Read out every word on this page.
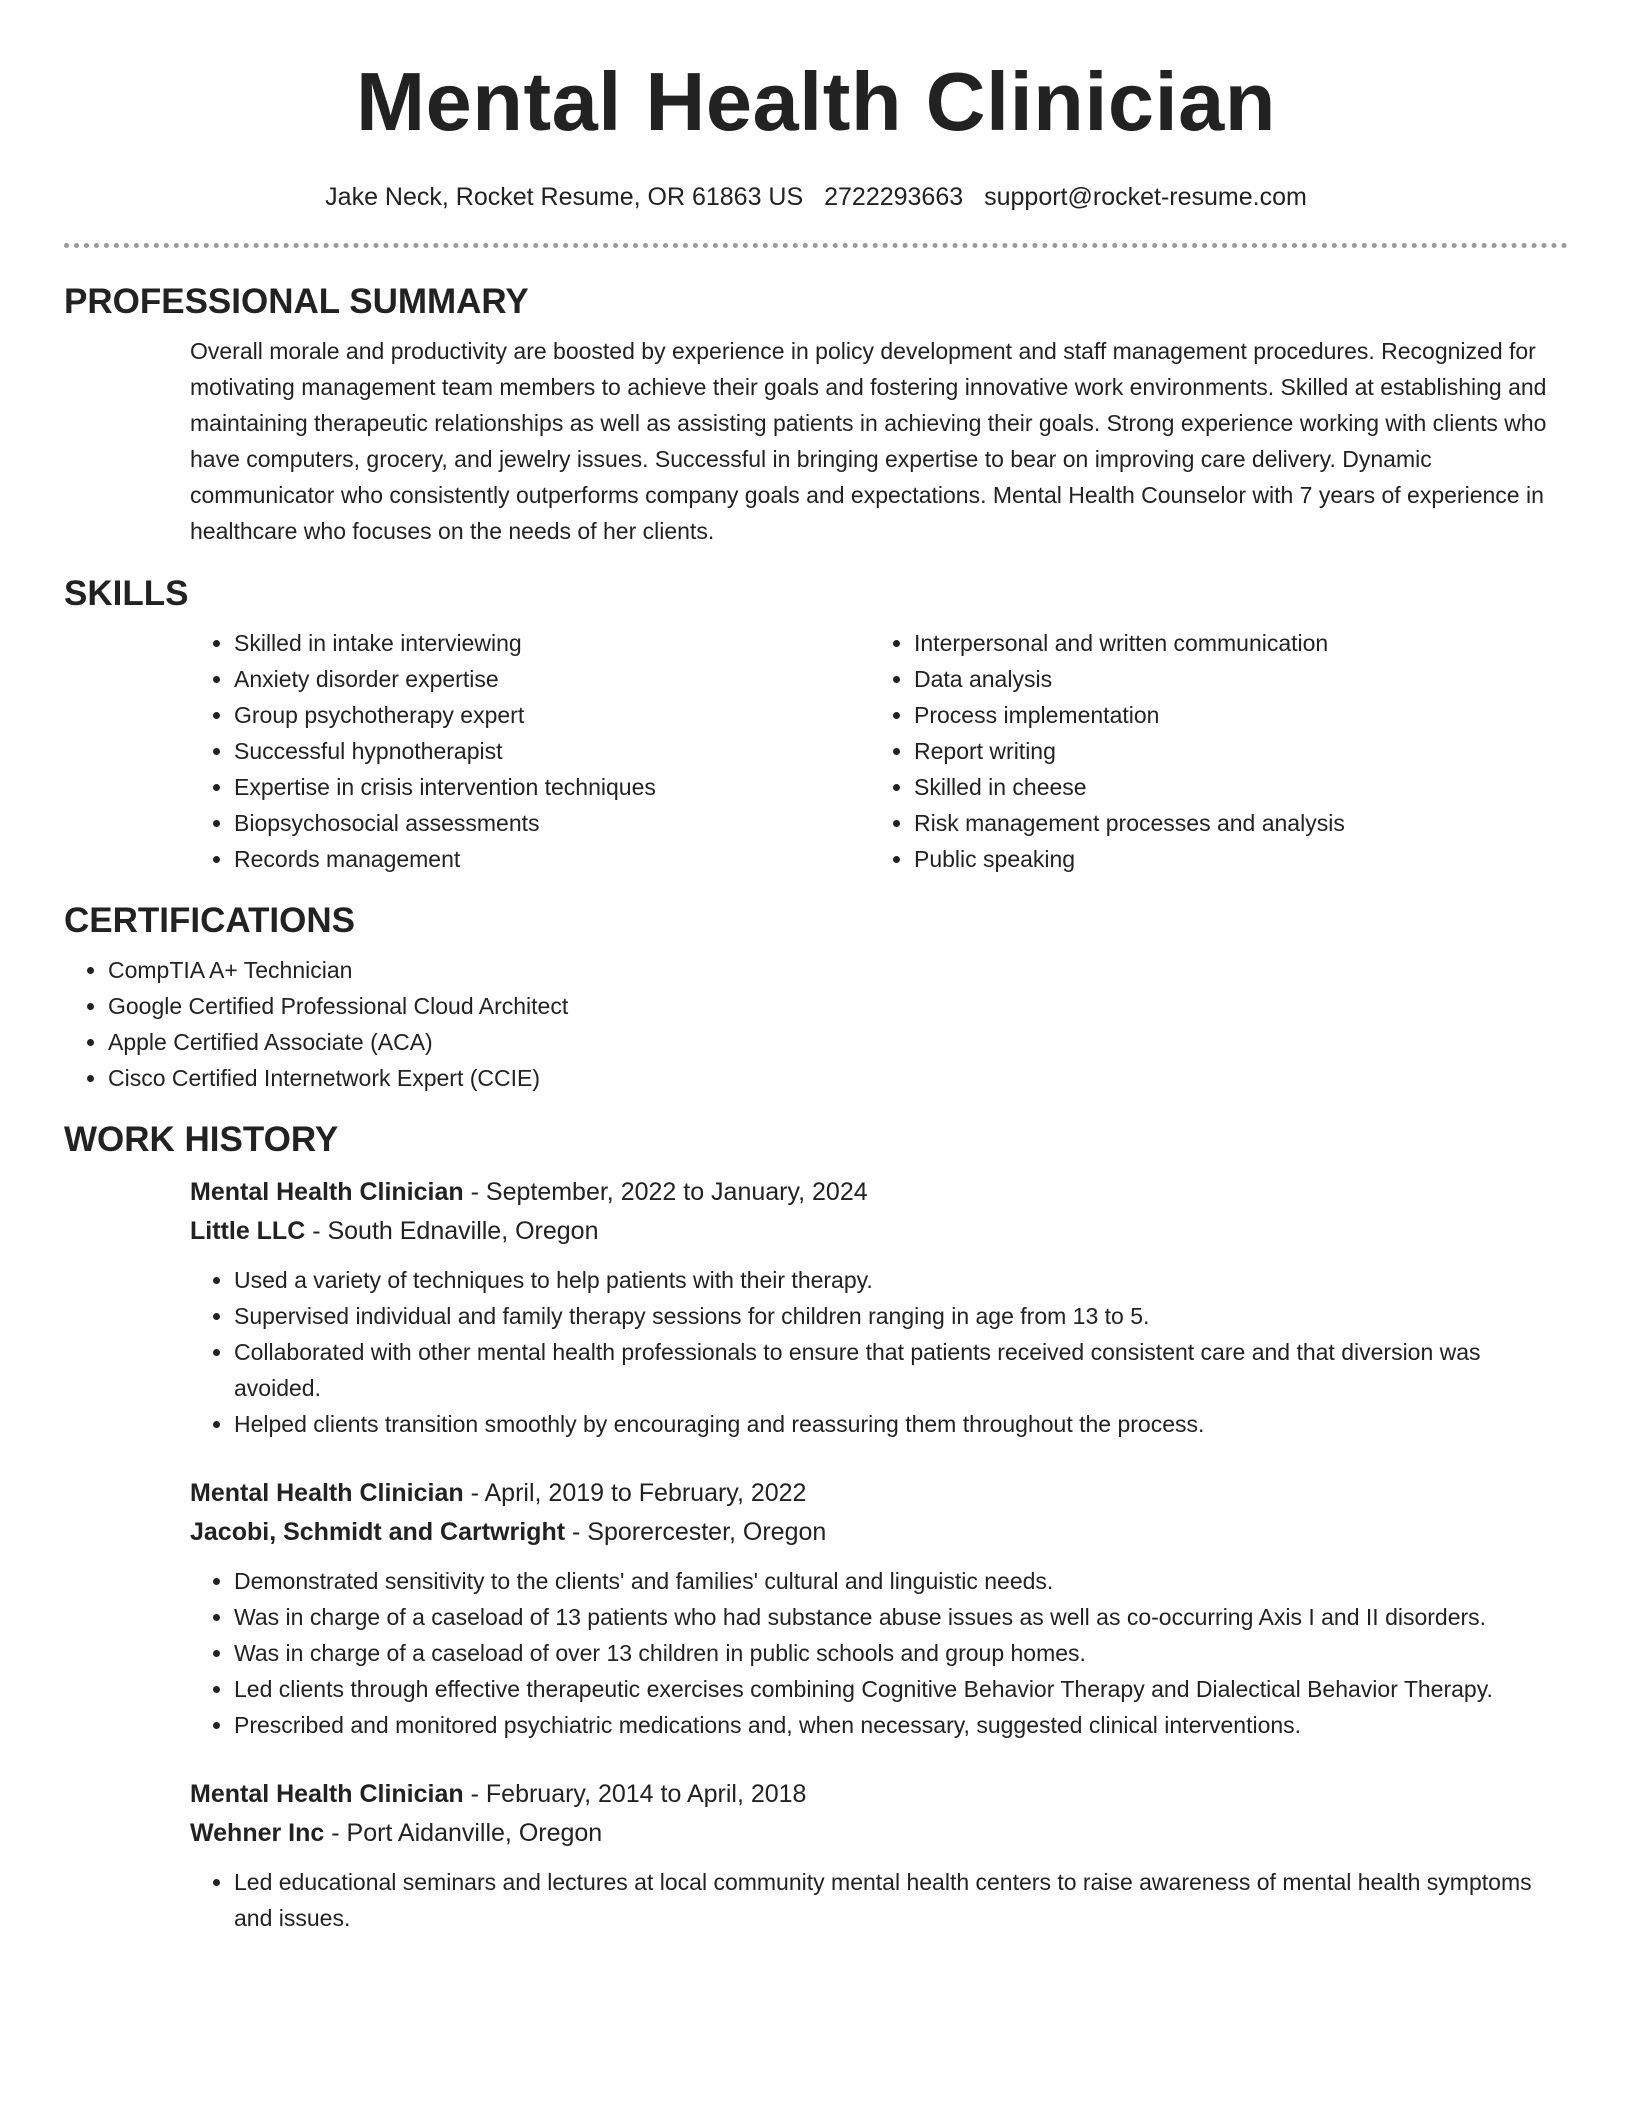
Mental Health Clinician
Jake Neck, Rocket Resume, OR 61863 US 2722293663 support@rocket-resume.com
PROFESSIONAL SUMMARY

Overall morale and productivity are boosted by experience in policy development and staff management procedures. Recognized for motivating management team members to achieve their goals and fostering innovative work environments. Skilled at establishing and maintaining therapeutic relationships as well as assisting patients in achieving their goals. Strong experience working with clients who have computers, grocery, and jewelry issues. Successful in bringing expertise to bear on improving care delivery. Dynamic communicator who consistently outperforms company goals and expectations. Mental Health Counselor with 7 years of experience in healthcare who focuses on the needs of her clients.

SKILLS
• Skilled in intake interviewing
• Anxiety disorder expertise
• Group psychotherapy expert
• Successful hypnotherapist
• Expertise in crisis intervention techniques
• Biopsychosocial assessments
• Records management
• Interpersonal and written communication
• Data analysis
• Process implementation
• Report writing
• Skilled in cheese
• Risk management processes and analysis
• Public speaking
CERTIFICATIONS
• CompTIA A+ Technician
• Google Certified Professional Cloud Architect
• Apple Certified Associate (ACA)
• Cisco Certified Internetwork Expert (CCIE)
WORK HISTORY
Mental Health Clinician - September, 2022 to January, 2024
Little LLC - South Ednaville, Oregon
• Used a variety of techniques to help patients with their therapy.
• Supervised individual and family therapy sessions for children ranging in age from 13 to 5.
• Collaborated with other mental health professionals to ensure that patients received consistent care and that diversion was avoided.
• Helped clients transition smoothly by encouraging and reassuring them throughout the process.
Mental Health Clinician - April, 2019 to February, 2022
Jacobi, Schmidt and Cartwright - Sporercester, Oregon
• Demonstrated sensitivity to the clients' and families' cultural and linguistic needs.
• Was in charge of a caseload of 13 patients who had substance abuse issues as well as co-occurring Axis I and II disorders.
• Was in charge of a caseload of over 13 children in public schools and group homes.
• Led clients through effective therapeutic exercises combining Cognitive Behavior Therapy and Dialectical Behavior Therapy.
• Prescribed and monitored psychiatric medications and, when necessary, suggested clinical interventions.
Mental Health Clinician - February, 2014 to April, 2018
Wehner Inc - Port Aidanville, Oregon
• Led educational seminars and lectures at local community mental health centers to raise awareness of mental health symptoms and issues.
